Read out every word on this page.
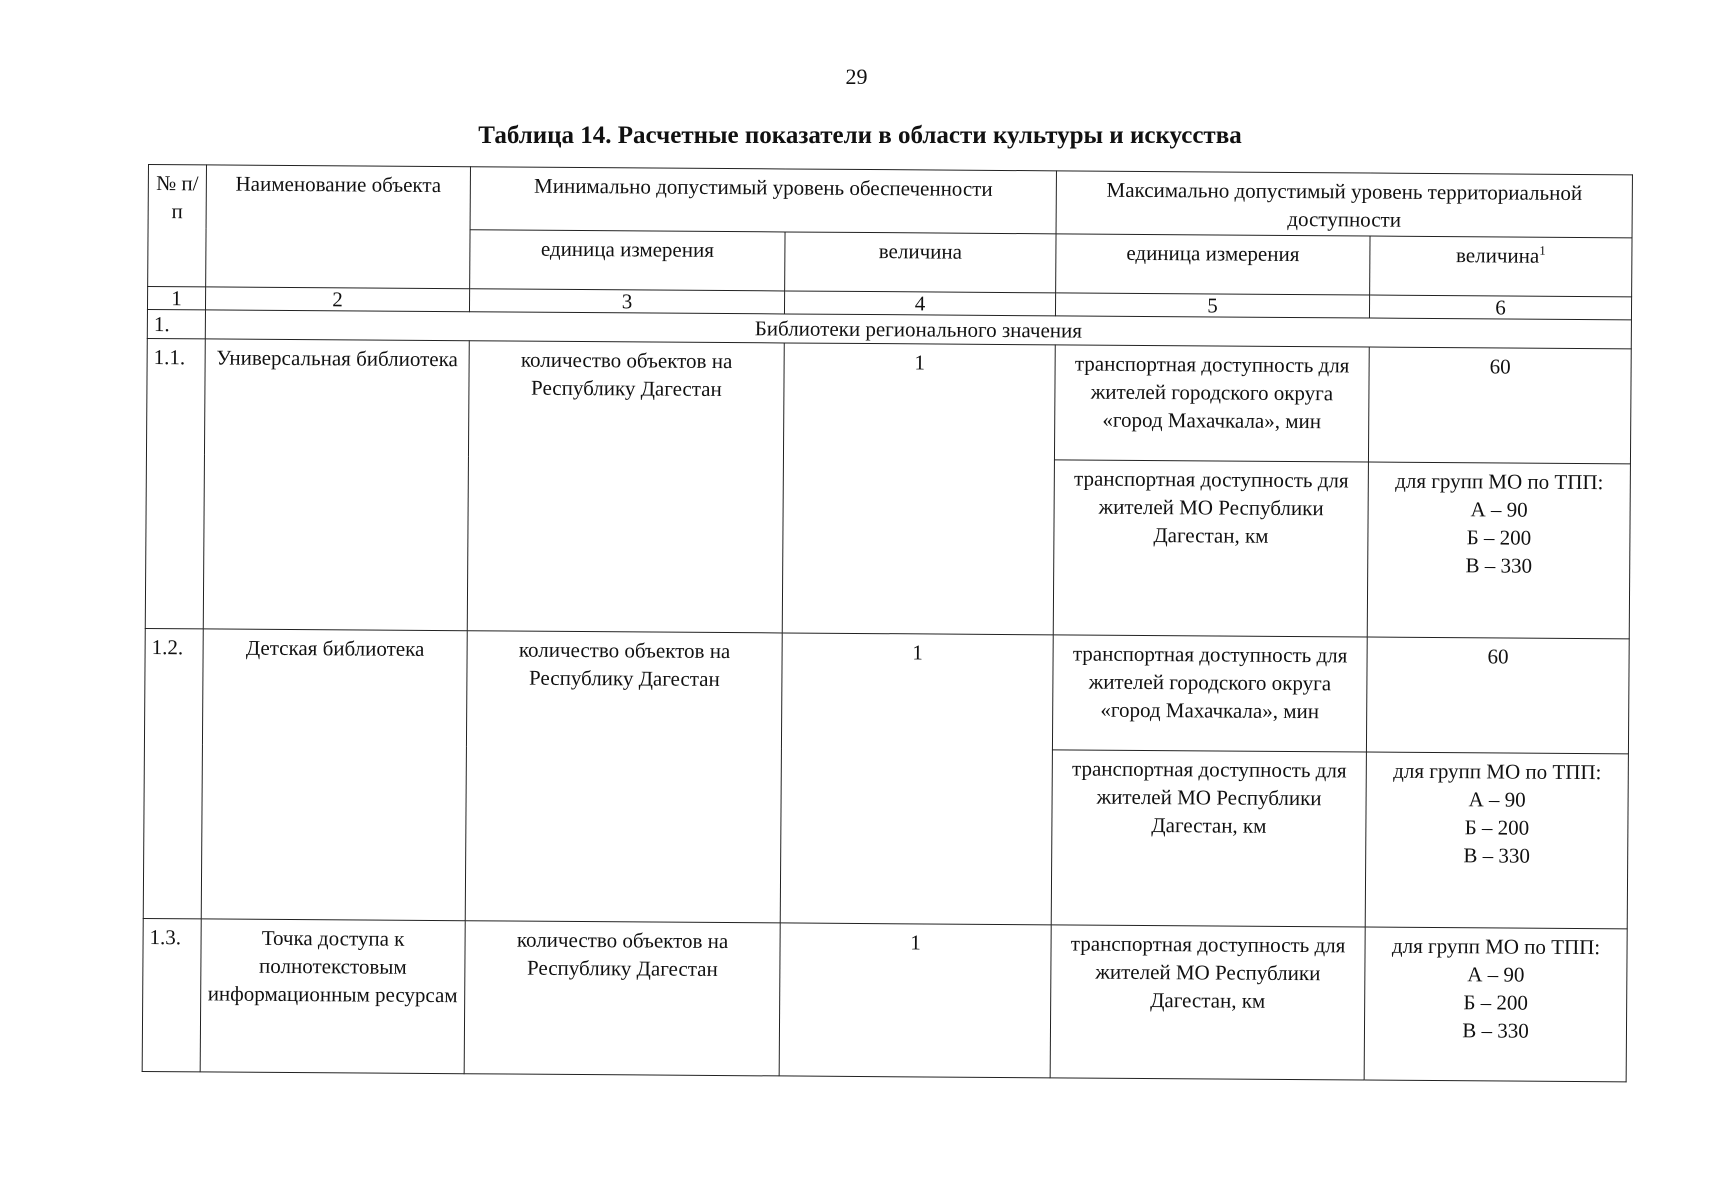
29
Таблица 14. Расчетные показатели в области культуры и искусства
№ п/п	Наименование объекта	Минимально допустимый уровень обеспеченности		Максимально допустимый уровень территориальной доступности	
		единица измерения	величина	единица измерения	величина$^1$
1	2	3	4	5	6
1.	Библиотеки регионального значения				
1.1.	Универсальная библиотека	количество объектов на Республику Дагестан	1	транспортная доступность для жителей городского округа «город Махачкала», мин	60

				транспортная доступность для жителей МО Республики Дагестан, км	для групп МО по ТПП:
А – 90
Б – 200
В – 330

1.2.	Детская библиотека	количество объектов на Республику Дагестан	1	транспортная доступность для жителей городского округа «город Махачкала», мин	60

				транспортная доступность для жителей МО Республики Дагестан, км	для групп МО по ТПП:
А – 90
Б – 200
В – 330

1.3.	Точка доступа к полнотекстовым информационным ресурсам	количество объектов на Республику Дагестан	1	транспортная доступность для жителей МО Республики Дагестан, км	для групп МО по ТПП:
А – 90
Б – 200
В – 330
